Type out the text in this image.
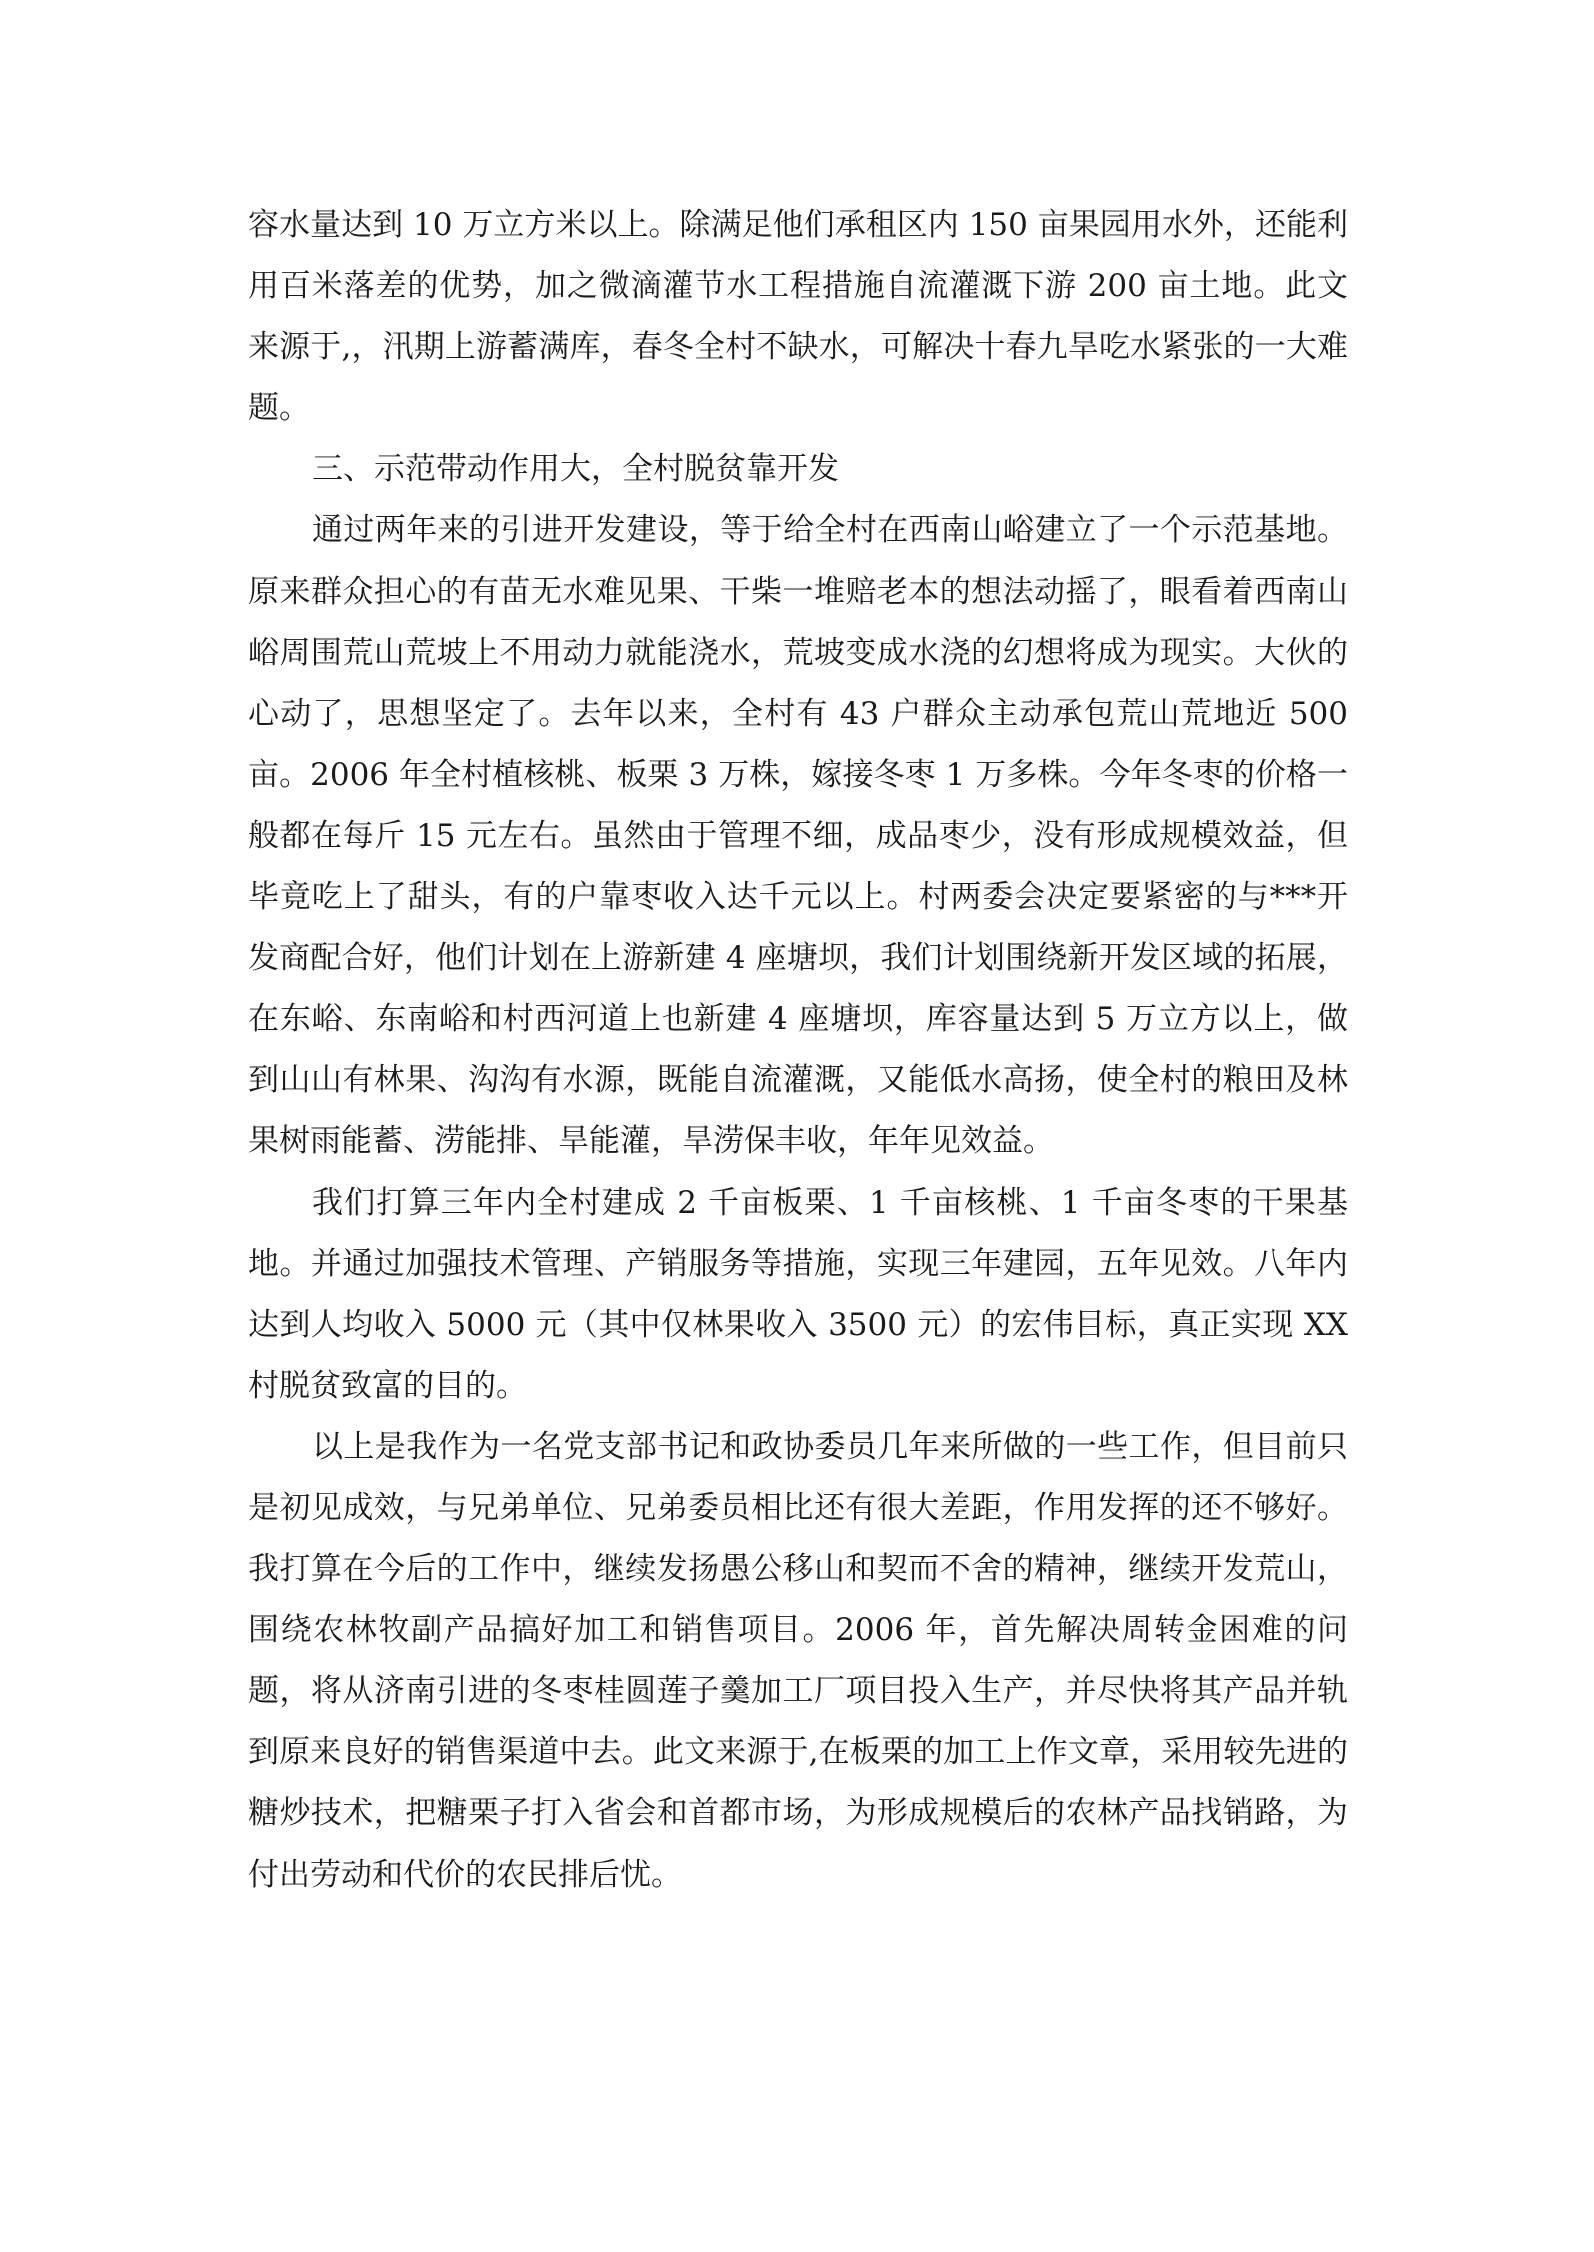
容水量达到 10 万立方米以上。除满足他们承租区内 150 亩果园用水外，还能利用百米落差的优势，加之微滴灌节水工程措施自流灌溉下游 200 亩土地。此文来源于,，汛期上游蓄满库，春冬全村不缺水，可解决十春九旱吃水紧张的一大难题。

三、示范带动作用大，全村脱贫靠开发

通过两年来的引进开发建设，等于给全村在西南山峪建立了一个示范基地。原来群众担心的有苗无水难见果、干柴一堆赔老本的想法动摇了，眼看着西南山峪周围荒山荒坡上不用动力就能浇水，荒坡变成水浇的幻想将成为现实。大伙的心动了，思想坚定了。去年以来，全村有 43 户群众主动承包荒山荒地近 500 亩。2006 年全村植核桃、板栗 3 万株，嫁接冬枣 1 万多株。今年冬枣的价格一般都在每斤 15 元左右。虽然由于管理不细，成品枣少，没有形成规模效益，但毕竟吃上了甜头，有的户靠枣收入达千元以上。村两委会决定要紧密的与***开发商配合好，他们计划在上游新建 4 座塘坝，我们计划围绕新开发区域的拓展，在东峪、东南峪和村西河道上也新建 4 座塘坝，库容量达到 5 万立方以上，做到山山有林果、沟沟有水源，既能自流灌溉，又能低水高扬，使全村的粮田及林果树雨能蓄、涝能排、旱能灌，旱涝保丰收，年年见效益。

我们打算三年内全村建成 2 千亩板栗、1 千亩核桃、1 千亩冬枣的干果基地。并通过加强技术管理、产销服务等措施，实现三年建园，五年见效。八年内达到人均收入 5000 元（其中仅林果收入 3500 元）的宏伟目标，真正实现 XX 村脱贫致富的目的。

以上是我作为一名党支部书记和政协委员几年来所做的一些工作，但目前只是初见成效，与兄弟单位、兄弟委员相比还有很大差距，作用发挥的还不够好。我打算在今后的工作中，继续发扬愚公移山和契而不舍的精神，继续开发荒山，围绕农林牧副产品搞好加工和销售项目。2006 年，首先解决周转金困难的问题，将从济南引进的冬枣桂圆莲子羹加工厂项目投入生产，并尽快将其产品并轨到原来良好的销售渠道中去。此文来源于,在板栗的加工上作文章，采用较先进的糖炒技术，把糖栗子打入省会和首都市场，为形成规模后的农林产品找销路，为付出劳动和代价的农民排后忧。
